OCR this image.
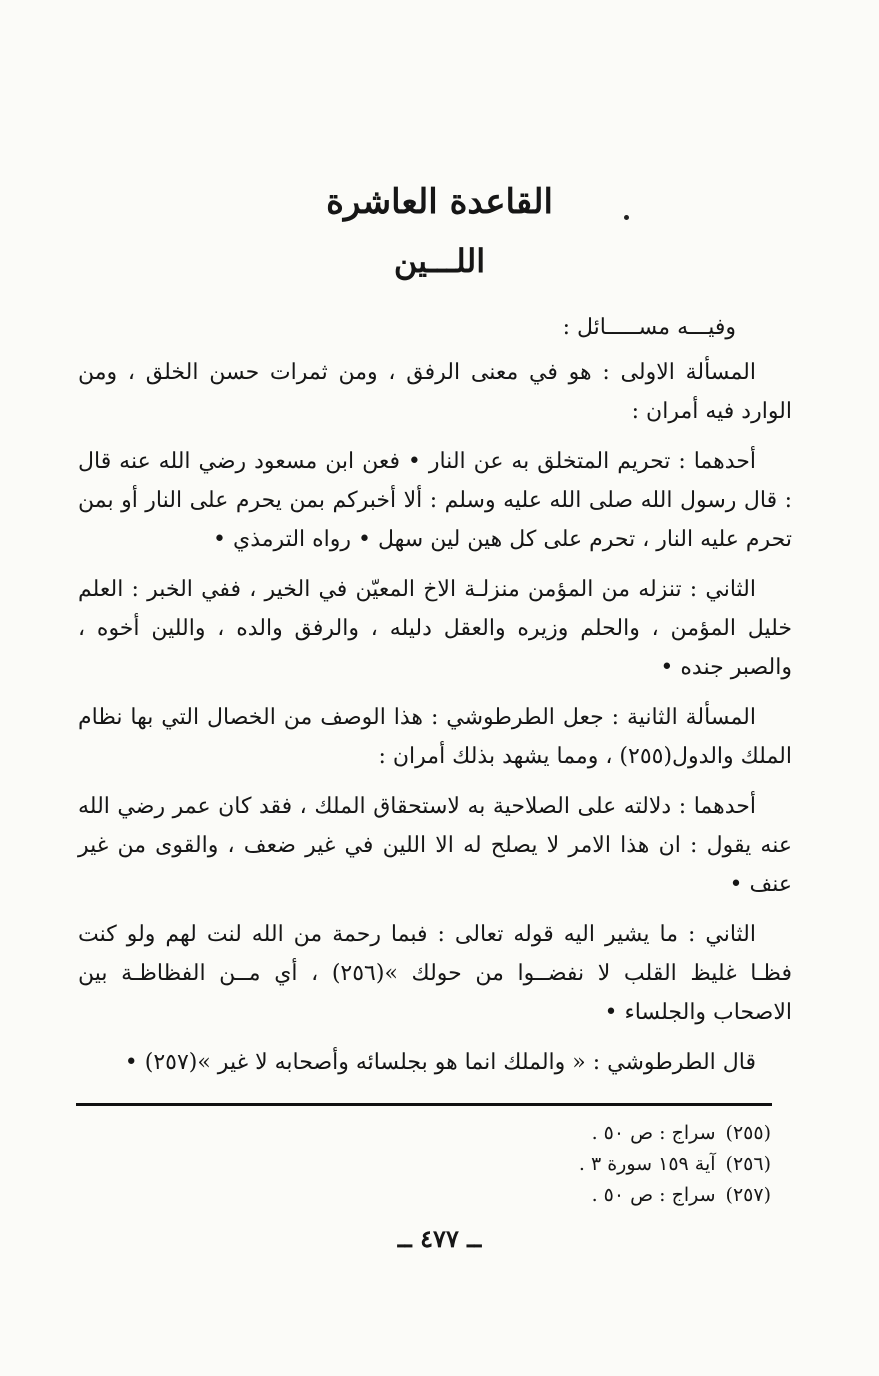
القاعدة العاشرة
اللـــين

وفيـــه مســـــائل :

المسألة الاولى : هو في معنى الرفق ، ومن ثمرات حسن الخلق ، ومن الوارد فيه أمران :

أحدهما : تحريم المتخلق به عن النار • فعن ابن مسعود رضي الله عنه قال : قال رسول الله صلى الله عليه وسلم : ألا أخبركم بمن يحرم على النار أو بمن تحرم عليه النار ، تحرم على كل هين لين سهل • رواه الترمذي •

الثاني : تنزله من المؤمن منزلـة الاخ المعيّن في الخير ، ففي الخبر : العلم خليل المؤمن ، والحلم وزيره والعقل دليله ، والرفق والده ، واللين أخوه ، والصبر جنده •

المسألة الثانية : جعل الطرطوشي : هذا الوصف من الخصال التي بها نظام الملك والدول(٢٥٥) ، ومما يشهد بذلك أمران :

أحدهما : دلالته على الصلاحية به لاستحقاق الملك ، فقد كان عمر رضي الله عنه يقول : ان هذا الامر لا يصلح له الا اللين في غير ضعف ، والقوى من غير عنف •

الثاني : ما يشير اليه قوله تعالى : فبما رحمة من الله لنت لهم ولو كنت فظـا غليظ القلب لا نفضــوا من حولك »(٢٥٦) ، أي مــن الفظاظـة بين الاصحاب والجلساء •

قال الطرطوشي : « والملك انما هو بجلسائه وأصحابه لا غير »(٢٥٧) •

(٢٥٥)سراج : ص ٥٠ .
(٢٥٦)آية ١٥٩ سورة ٣ .
(٢٥٧)سراج : ص ٥٠ .
ــ ٤٧٧ ــ
